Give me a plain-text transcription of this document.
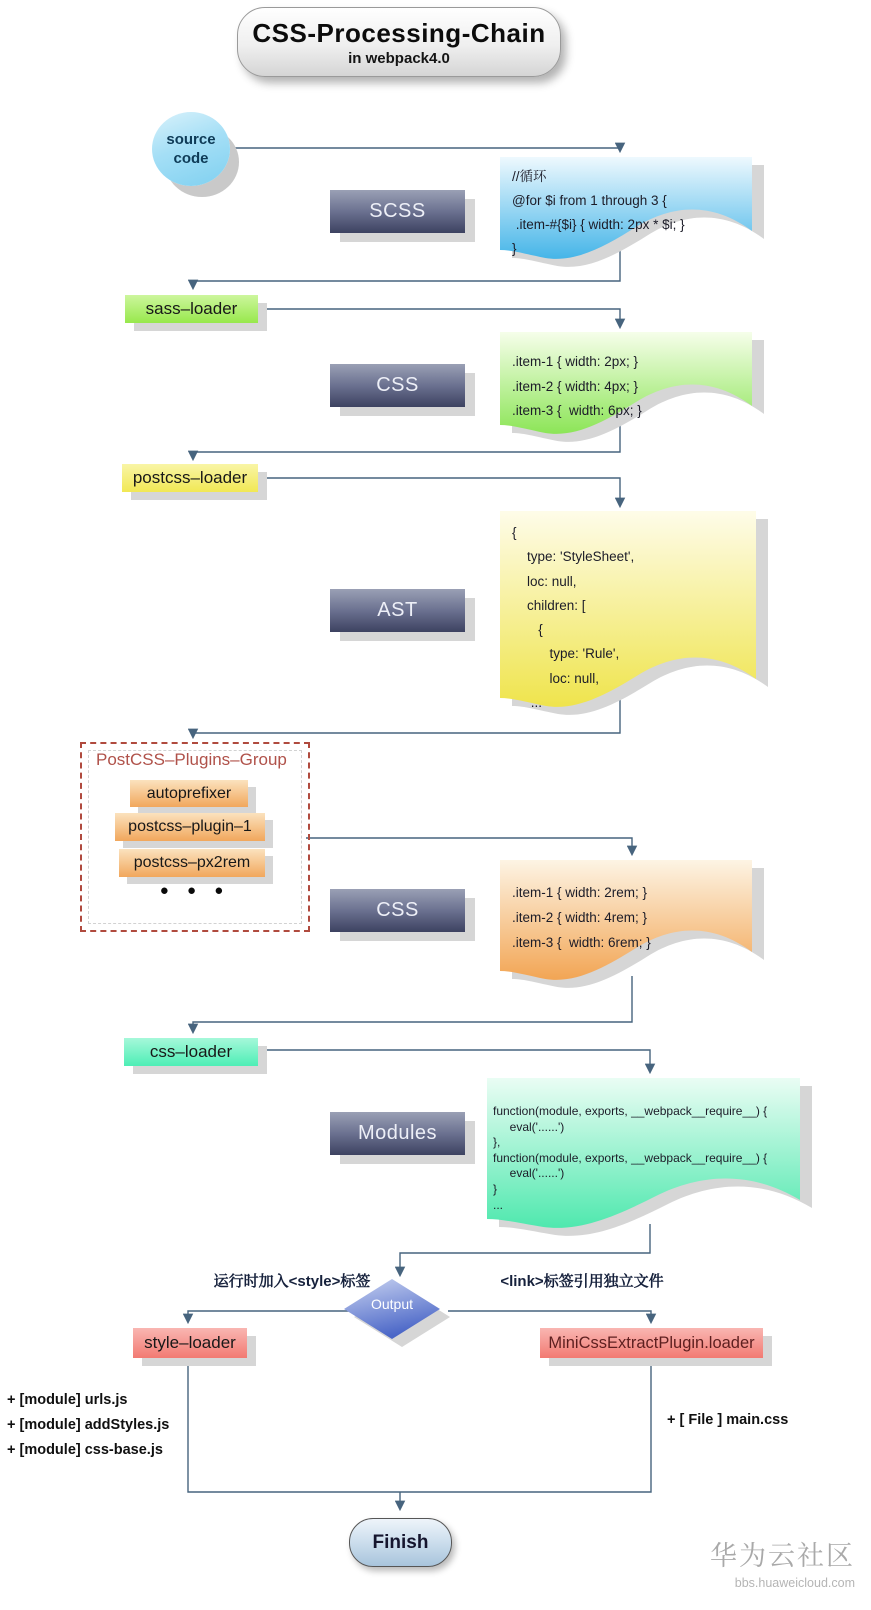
CSS-Processing-Chain
in webpack4.0
source
code
SCSS
CSS
AST
CSS
Modules
sass–loader
postcss–loader
css–loader
style–loader	MiniCssExtractPlugin.loader
//循环
@for $i from 1 through 3 {
.item-#{$i} { width: 2px * $i; }
}
.item-1 { width: 2px; }
.item-2 { width: 4px; }
.item-3 {  width: 6px; }
{
type: 'StyleSheet',
loc: null,
children: [
{
type: 'Rule',
loc: null,
...
.item-1 { width: 2rem; }
.item-2 { width: 4rem; }
.item-3 {  width: 6rem; }
function(module, exports, __webpack__require__) {
eval('......')
},
function(module, exports, __webpack__require__) {
eval('......')
}
...
PostCSS–Plugins–Group
autoprefixer
postcss–plugin–1
postcss–px2rem
● ● ●
Output
运行时加入<style>标签	<link>标签引用独立文件
+ [module] urls.js
+ [module] addStyles.js
+ [module] css-base.js
+ [ File ] main.css
Finish	华为云社区
bbs.huaweicloud.com
